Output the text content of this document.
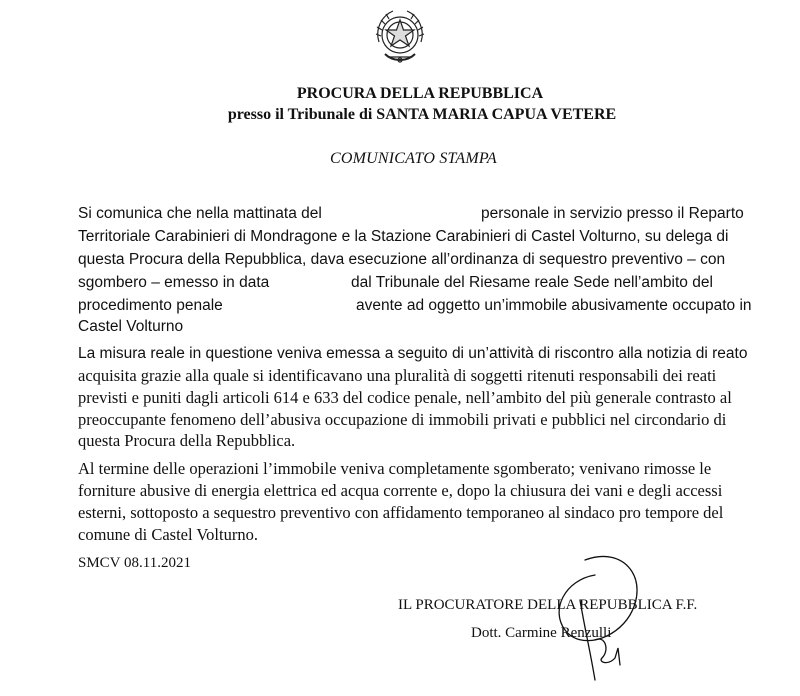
PROCURA DELLA REPUBBLICA
presso il Tribunale di SANTA MARIA CAPUA VETERE
COMUNICATO STAMPA
Si comunica che nella mattinata del	personale in servizio presso il Reparto
Territoriale Carabinieri di Mondragone e la Stazione Carabinieri di Castel Volturno, su delega di
questa Procura della Repubblica, dava esecuzione all’ordinanza di sequestro preventivo – con
sgombero – emesso in data	dal Tribunale del Riesame reale Sede nell’ambito del
procedimento penale	avente ad oggetto un’immobile abusivamente occupato in
Castel Volturno
La misura reale in questione veniva emessa a seguito di un’attività di riscontro alla notizia di reato
acquisita grazie alla quale si identificavano una pluralità di soggetti ritenuti responsabili dei reati
previsti e puniti dagli articoli 614 e 633 del codice penale, nell’ambito del più generale contrasto al
preoccupante fenomeno dell’abusiva occupazione di immobili privati e pubblici nel circondario di
questa Procura della Repubblica.
Al termine delle operazioni l’immobile veniva completamente sgomberato; venivano rimosse le
forniture abusive di energia elettrica ed acqua corrente e, dopo la chiusura dei vani e degli accessi
esterni, sottoposto a sequestro preventivo con affidamento temporaneo al sindaco pro tempore del
comune di Castel Volturno.
SMCV 08.11.2021
IL PROCURATORE DELLA REPUBBLICA F.F.
Dott. Carmine Renzulli
